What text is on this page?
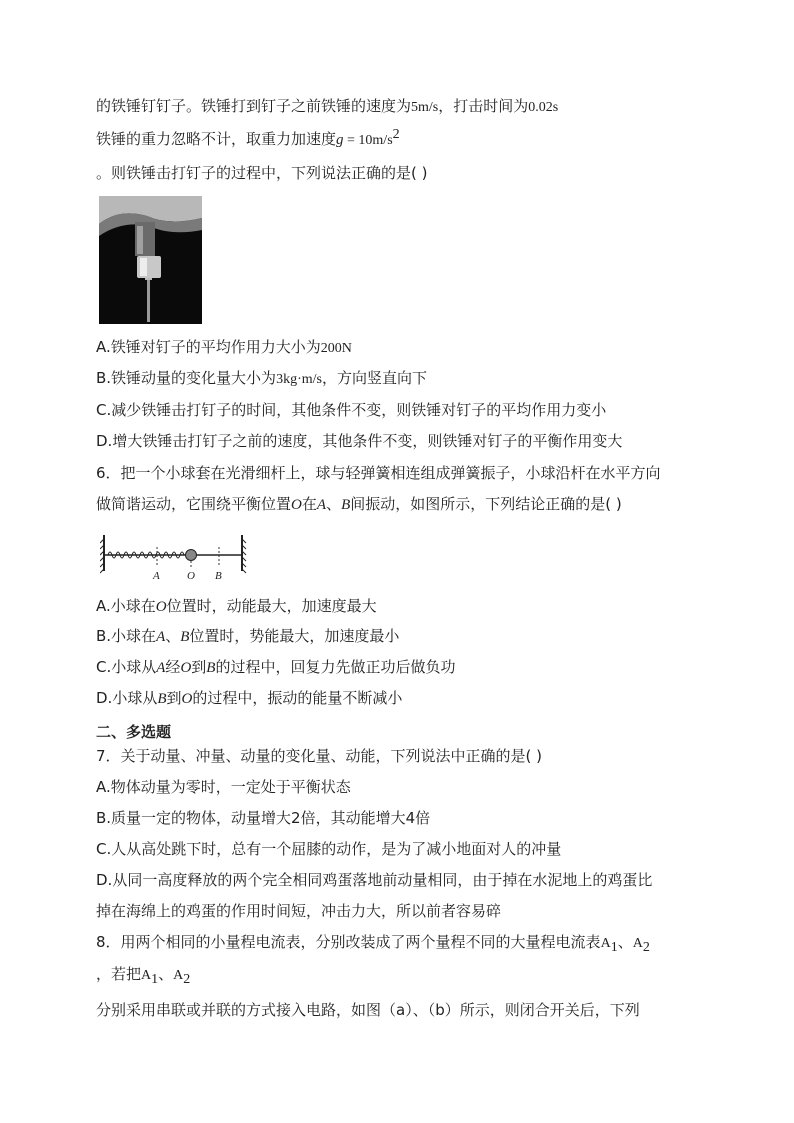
的铁锤钉钉子。铁锤打到钉子之前铁锤的速度为5m/s，打击时间为0.02s
铁锤的重力忽略不计，取重力加速度$g = 10m/s^2$
。则铁锤击打钉子的过程中，下列说法正确的是( )
A.铁锤对钉子的平均作用力大小为200N
B.铁锤动量的变化量大小为3kg·m/s，方向竖直向下
C.减少铁锤击打钉子的时间，其他条件不变，则铁锤对钉子的平均作用力变小
D.增大铁锤击打钉子之前的速度，其他条件不变，则铁锤对钉子的平衡作用变大
6．把一个小球套在光滑细杆上，球与轻弹簧相连组成弹簧振子，小球沿杆在水平方向
做简谐运动，它围绕平衡位置O在A、B间振动，如图所示，下列结论正确的是( )
A O B
A.小球在O位置时，动能最大，加速度最大
B.小球在A、B位置时，势能最大，加速度最小
C.小球从A经O到B的过程中，回复力先做正功后做负功
D.小球从B到O的过程中，振动的能量不断减小
二、多选题
7．关于动量、冲量、动量的变化量、动能，下列说法中正确的是( )
A.物体动量为零时，一定处于平衡状态
B.质量一定的物体，动量增大2倍，其动能增大4倍
C.人从高处跳下时，总有一个屈膝的动作，是为了减小地面对人的冲量
D.从同一高度释放的两个完全相同鸡蛋落地前动量相同，由于掉在水泥地上的鸡蛋比
掉在海绵上的鸡蛋的作用时间短，冲击力大，所以前者容易碎
8．用两个相同的小量程电流表，分别改装成了两个量程不同的大量程电流表$A_1$、$A_2$
，若把$A_1$、$A_2$
分别采用串联或并联的方式接入电路，如图（a）、（b）所示，则闭合开关后，下列
